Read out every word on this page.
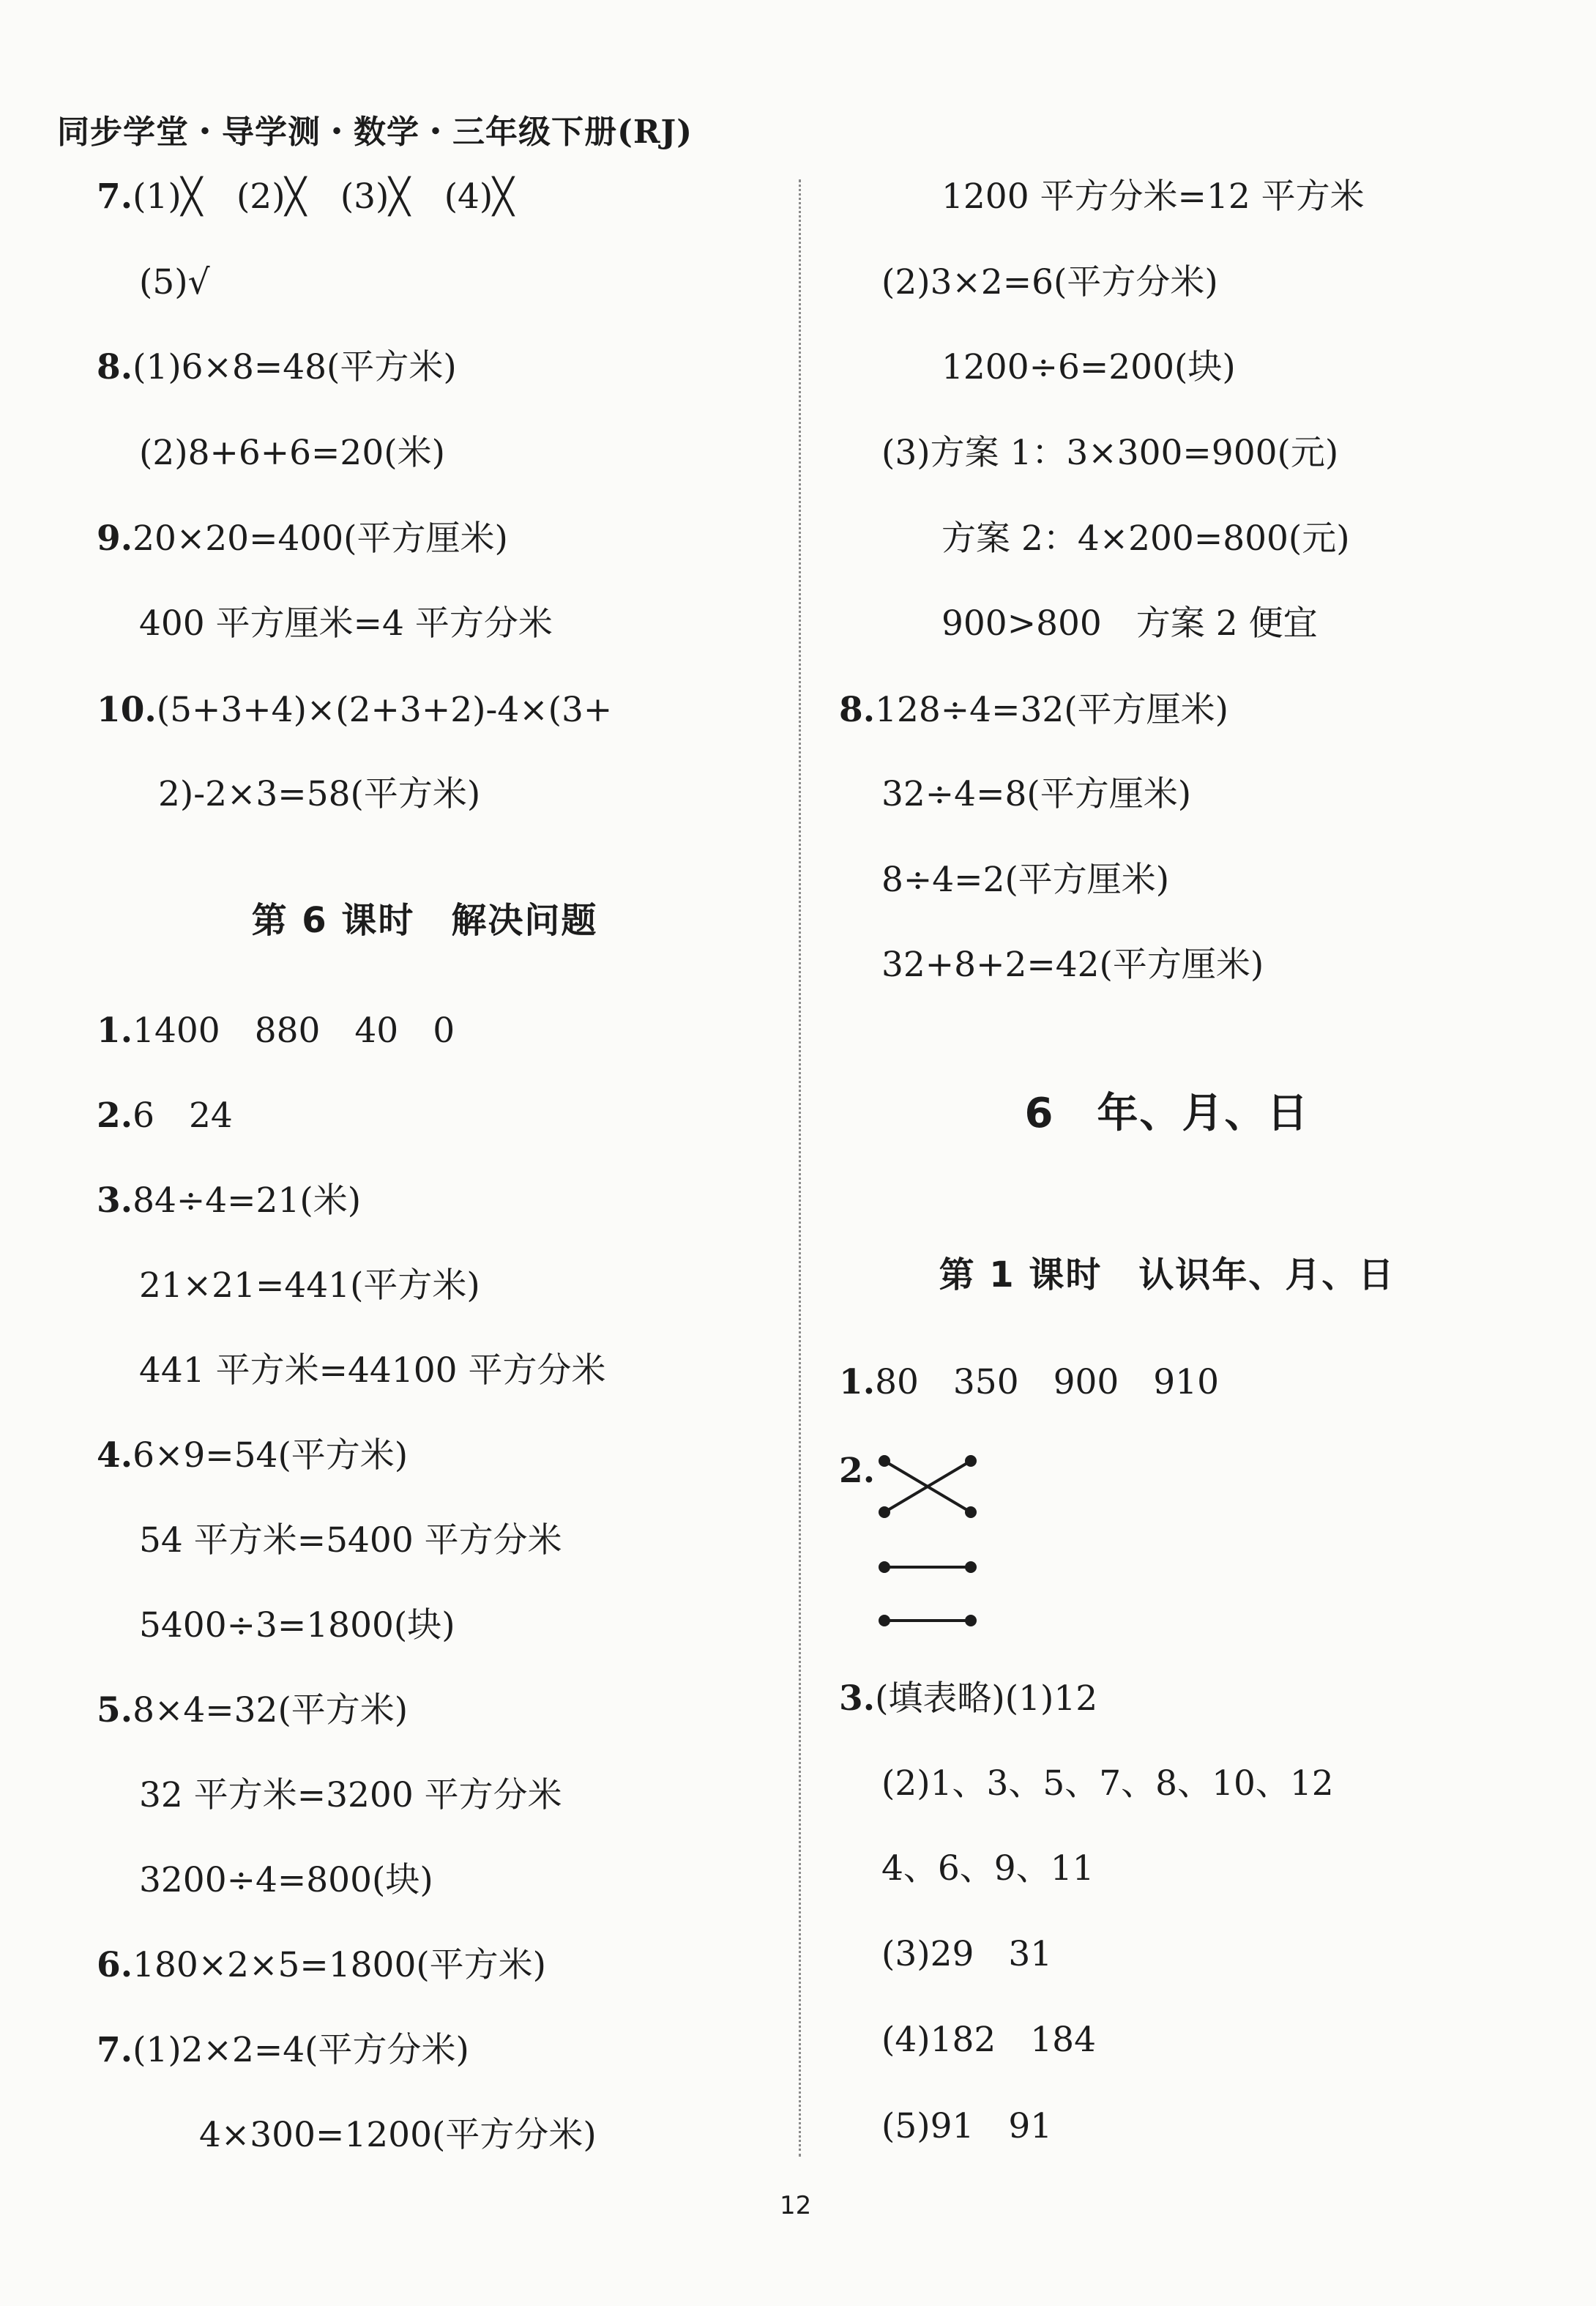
同步学堂・导学测・数学・三年级下册(RJ)
7.(1)╳　(2)╳　(3)╳　(4)╳
(5)√
8.(1)6×8=48(平方米)
(2)8+6+6=20(米)
9.20×20=400(平方厘米)
400 平方厘米=4 平方分米
10.(5+3+4)×(2+3+2)-4×(3+
2)-2×3=58(平方米)
第 6 课时　解决问题
1.1400　880　40　0
2.6　24
3.84÷4=21(米)
21×21=441(平方米)
441 平方米=44100 平方分米
4.6×9=54(平方米)
54 平方米=5400 平方分米
5400÷3=1800(块)
5.8×4=32(平方米)
32 平方米=3200 平方分米
3200÷4=800(块)
6.180×2×5=1800(平方米)
7.(1)2×2=4(平方分米)
4×300=1200(平方分米)
1200 平方分米=12 平方米
(2)3×2=6(平方分米)
1200÷6=200(块)
(3)方案 1：3×300=900(元)
方案 2：4×200=800(元)
900>800　方案 2 便宜
8.128÷4=32(平方厘米)
32÷4=8(平方厘米)
8÷4=2(平方厘米)
32+8+2=42(平方厘米)
6　年、月、日
第 1 课时　认识年、月、日
1.80　350　900　910
2.
3.(填表略)(1)12
(2)1、3、5、7、8、10、12
4、6、9、11
(3)29　31
(4)182　184
(5)91　91
12
